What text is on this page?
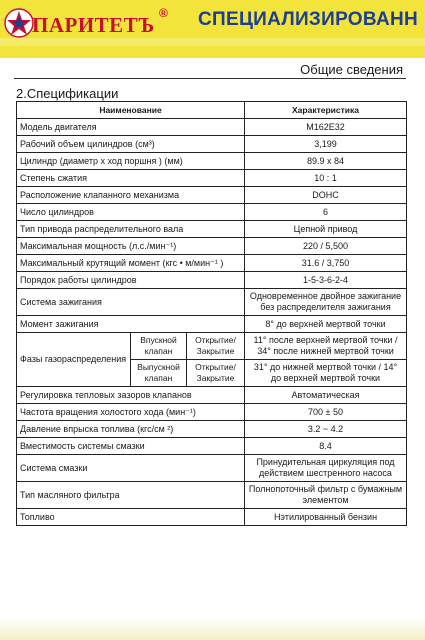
ПАРИТЕТЪ ® СПЕЦИАЛИЗИРОВАНН
Общие сведения
2.Спецификации
Наименование			Характеристика
Модель двигателя			M162E32
Рабочий объем цилиндров (см³)			3,199
Цилиндр (диаметр х ход поршня ) (мм)			89.9 x 84
Степень сжатия			10 : 1
Расположение клапанного механизма			DOHC
Число цилиндров			6
Тип привода распределительного вала			Цепной привод
Максимальная мощность (л.с./мин⁻¹)			220 / 5,500
Максимальный крутящий момент (кгс • м/мин⁻¹ )			31.6 / 3,750
Порядок работы цилиндров			1-5-3-6-2-4
Система зажигания			Одновременное двойное зажигание без распределителя зажигания
Момент зажигания			8° до верхней мертвой точки
Фазы газораспределения	Впускной клапан	Открытие/ Закрытие	11° после верхней мертвой точки / 34° после нижней мертвой точки
	Выпускной клапан	Открытие/ Закрытие	31° до нижней мертвой точки / 14° до верхней мертвой точки
Регулировка тепловых зазоров клапанов			Автоматическая
Частота вращения холостого хода (мин⁻¹)			700 ± 50
Давление впрыска топлива (кгс/см ²)			3.2 ~ 4.2
Вместимость системы смазки			8.4
Система смазки			Принудительная циркуляция под действием шестренного насоса
Тип масляного фильтра			Полнопоточный фильтр с бумажным элементом
Топливо			Нэтилированный бензин
